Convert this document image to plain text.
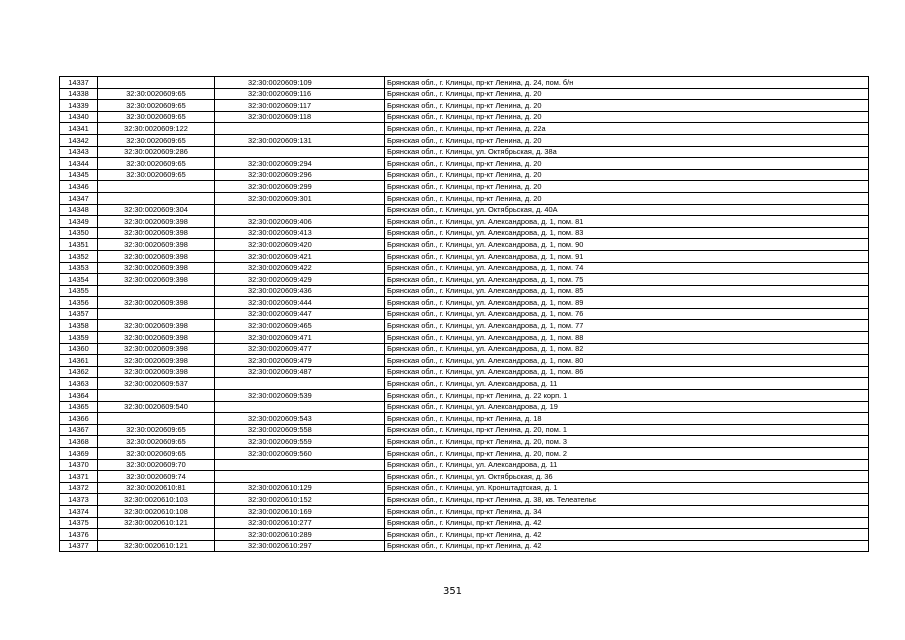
14337		32:30:0020609:109	Брянская обл., г. Клинцы, пр-кт Ленина, д. 24, пом. б/н
14338	32:30:0020609:65	32:30:0020609:116	Брянская обл., г. Клинцы, пр-кт Ленина, д. 20
14339	32:30:0020609:65	32:30:0020609:117	Брянская обл., г. Клинцы, пр-кт Ленина, д. 20
14340	32:30:0020609:65	32:30:0020609:118	Брянская обл., г. Клинцы, пр-кт Ленина, д. 20
14341	32:30:0020609:122		Брянская обл., г. Клинцы, пр-кт Ленина, д. 22а
14342	32:30:0020609:65	32:30:0020609:131	Брянская обл., г. Клинцы, пр-кт Ленина, д. 20
14343	32:30:0020609:286		Брянская обл., г. Клинцы, ул. Октябрьская, д. 38а
14344	32:30:0020609:65	32:30:0020609:294	Брянская обл., г. Клинцы, пр-кт Ленина, д. 20
14345	32:30:0020609:65	32:30:0020609:296	Брянская обл., г. Клинцы, пр-кт Ленина, д. 20
14346		32:30:0020609:299	Брянская обл., г. Клинцы, пр-кт Ленина, д. 20
14347		32:30:0020609:301	Брянская обл., г. Клинцы, пр-кт Ленина, д. 20
14348	32:30:0020609:304		Брянская обл., г. Клинцы, ул. Октябрьская, д. 40А
14349	32:30:0020609:398	32:30:0020609:406	Брянская обл., г. Клинцы, ул. Александрова, д. 1, пом. 81
14350	32:30:0020609:398	32:30:0020609:413	Брянская обл., г. Клинцы, ул. Александрова, д. 1, пом. 83
14351	32:30:0020609:398	32:30:0020609:420	Брянская обл., г. Клинцы, ул. Александрова, д. 1, пом. 90
14352	32:30:0020609:398	32:30:0020609:421	Брянская обл., г. Клинцы, ул. Александрова, д. 1, пом. 91
14353	32:30:0020609:398	32:30:0020609:422	Брянская обл., г. Клинцы, ул. Александрова, д. 1, пом. 74
14354	32:30:0020609:398	32:30:0020609:429	Брянская обл., г. Клинцы, ул. Александрова, д. 1, пом. 75
14355		32:30:0020609:436	Брянская обл., г. Клинцы, ул. Александрова, д. 1, пом. 85
14356	32:30:0020609:398	32:30:0020609:444	Брянская обл., г. Клинцы, ул. Александрова, д. 1, пом. 89
14357		32:30:0020609:447	Брянская обл., г. Клинцы, ул. Александрова, д. 1, пом. 76
14358	32:30:0020609:398	32:30:0020609:465	Брянская обл., г. Клинцы, ул. Александрова, д. 1, пом. 77
14359	32:30:0020609:398	32:30:0020609:471	Брянская обл., г. Клинцы, ул. Александрова, д. 1, пом. 88
14360	32:30:0020609:398	32:30:0020609:477	Брянская обл., г. Клинцы, ул. Александрова, д. 1, пом. 82
14361	32:30:0020609:398	32:30:0020609:479	Брянская обл., г. Клинцы, ул. Александрова, д. 1, пом. 80
14362	32:30:0020609:398	32:30:0020609:487	Брянская обл., г. Клинцы, ул. Александрова, д. 1, пом. 86
14363	32:30:0020609:537		Брянская обл., г. Клинцы, ул. Александрова, д. 11
14364		32:30:0020609:539	Брянская обл., г. Клинцы, пр-кт Ленина, д. 22 корп. 1
14365	32:30:0020609:540		Брянская обл., г. Клинцы, ул. Александрова, д. 19
14366		32:30:0020609:543	Брянская обл., г. Клинцы, пр-кт Ленина, д. 18
14367	32:30:0020609:65	32:30:0020609:558	Брянская обл., г. Клинцы, пр-кт Ленина, д. 20, пом. 1
14368	32:30:0020609:65	32:30:0020609:559	Брянская обл., г. Клинцы, пр-кт Ленина, д. 20, пом. 3
14369	32:30:0020609:65	32:30:0020609:560	Брянская обл., г. Клинцы, пр-кт Ленина, д. 20, пом. 2
14370	32:30:0020609:70		Брянская обл., г. Клинцы, ул. Александрова, д. 11
14371	32:30:0020609:74		Брянская обл., г. Клинцы, ул. Октябрьская, д. 36
14372	32:30:0020610:81	32:30:0020610:129	Брянская обл., г. Клинцы, ул. Кронштадтская, д. 1
14373	32:30:0020610:103	32:30:0020610:152	Брянская обл., г. Клинцы, пр-кт Ленина, д. 38, кв. Телеательє
14374	32:30:0020610:108	32:30:0020610:169	Брянская обл., г. Клинцы, пр-кт Ленина, д. 34
14375	32:30:0020610:121	32:30:0020610:277	Брянская обл., г. Клинцы, пр-кт Ленина, д. 42
14376		32:30:0020610:289	Брянская обл., г. Клинцы, пр-кт Ленина, д. 42
14377	32:30:0020610:121	32:30:0020610:297	Брянская обл., г. Клинцы, пр-кт Ленина, д. 42
351
